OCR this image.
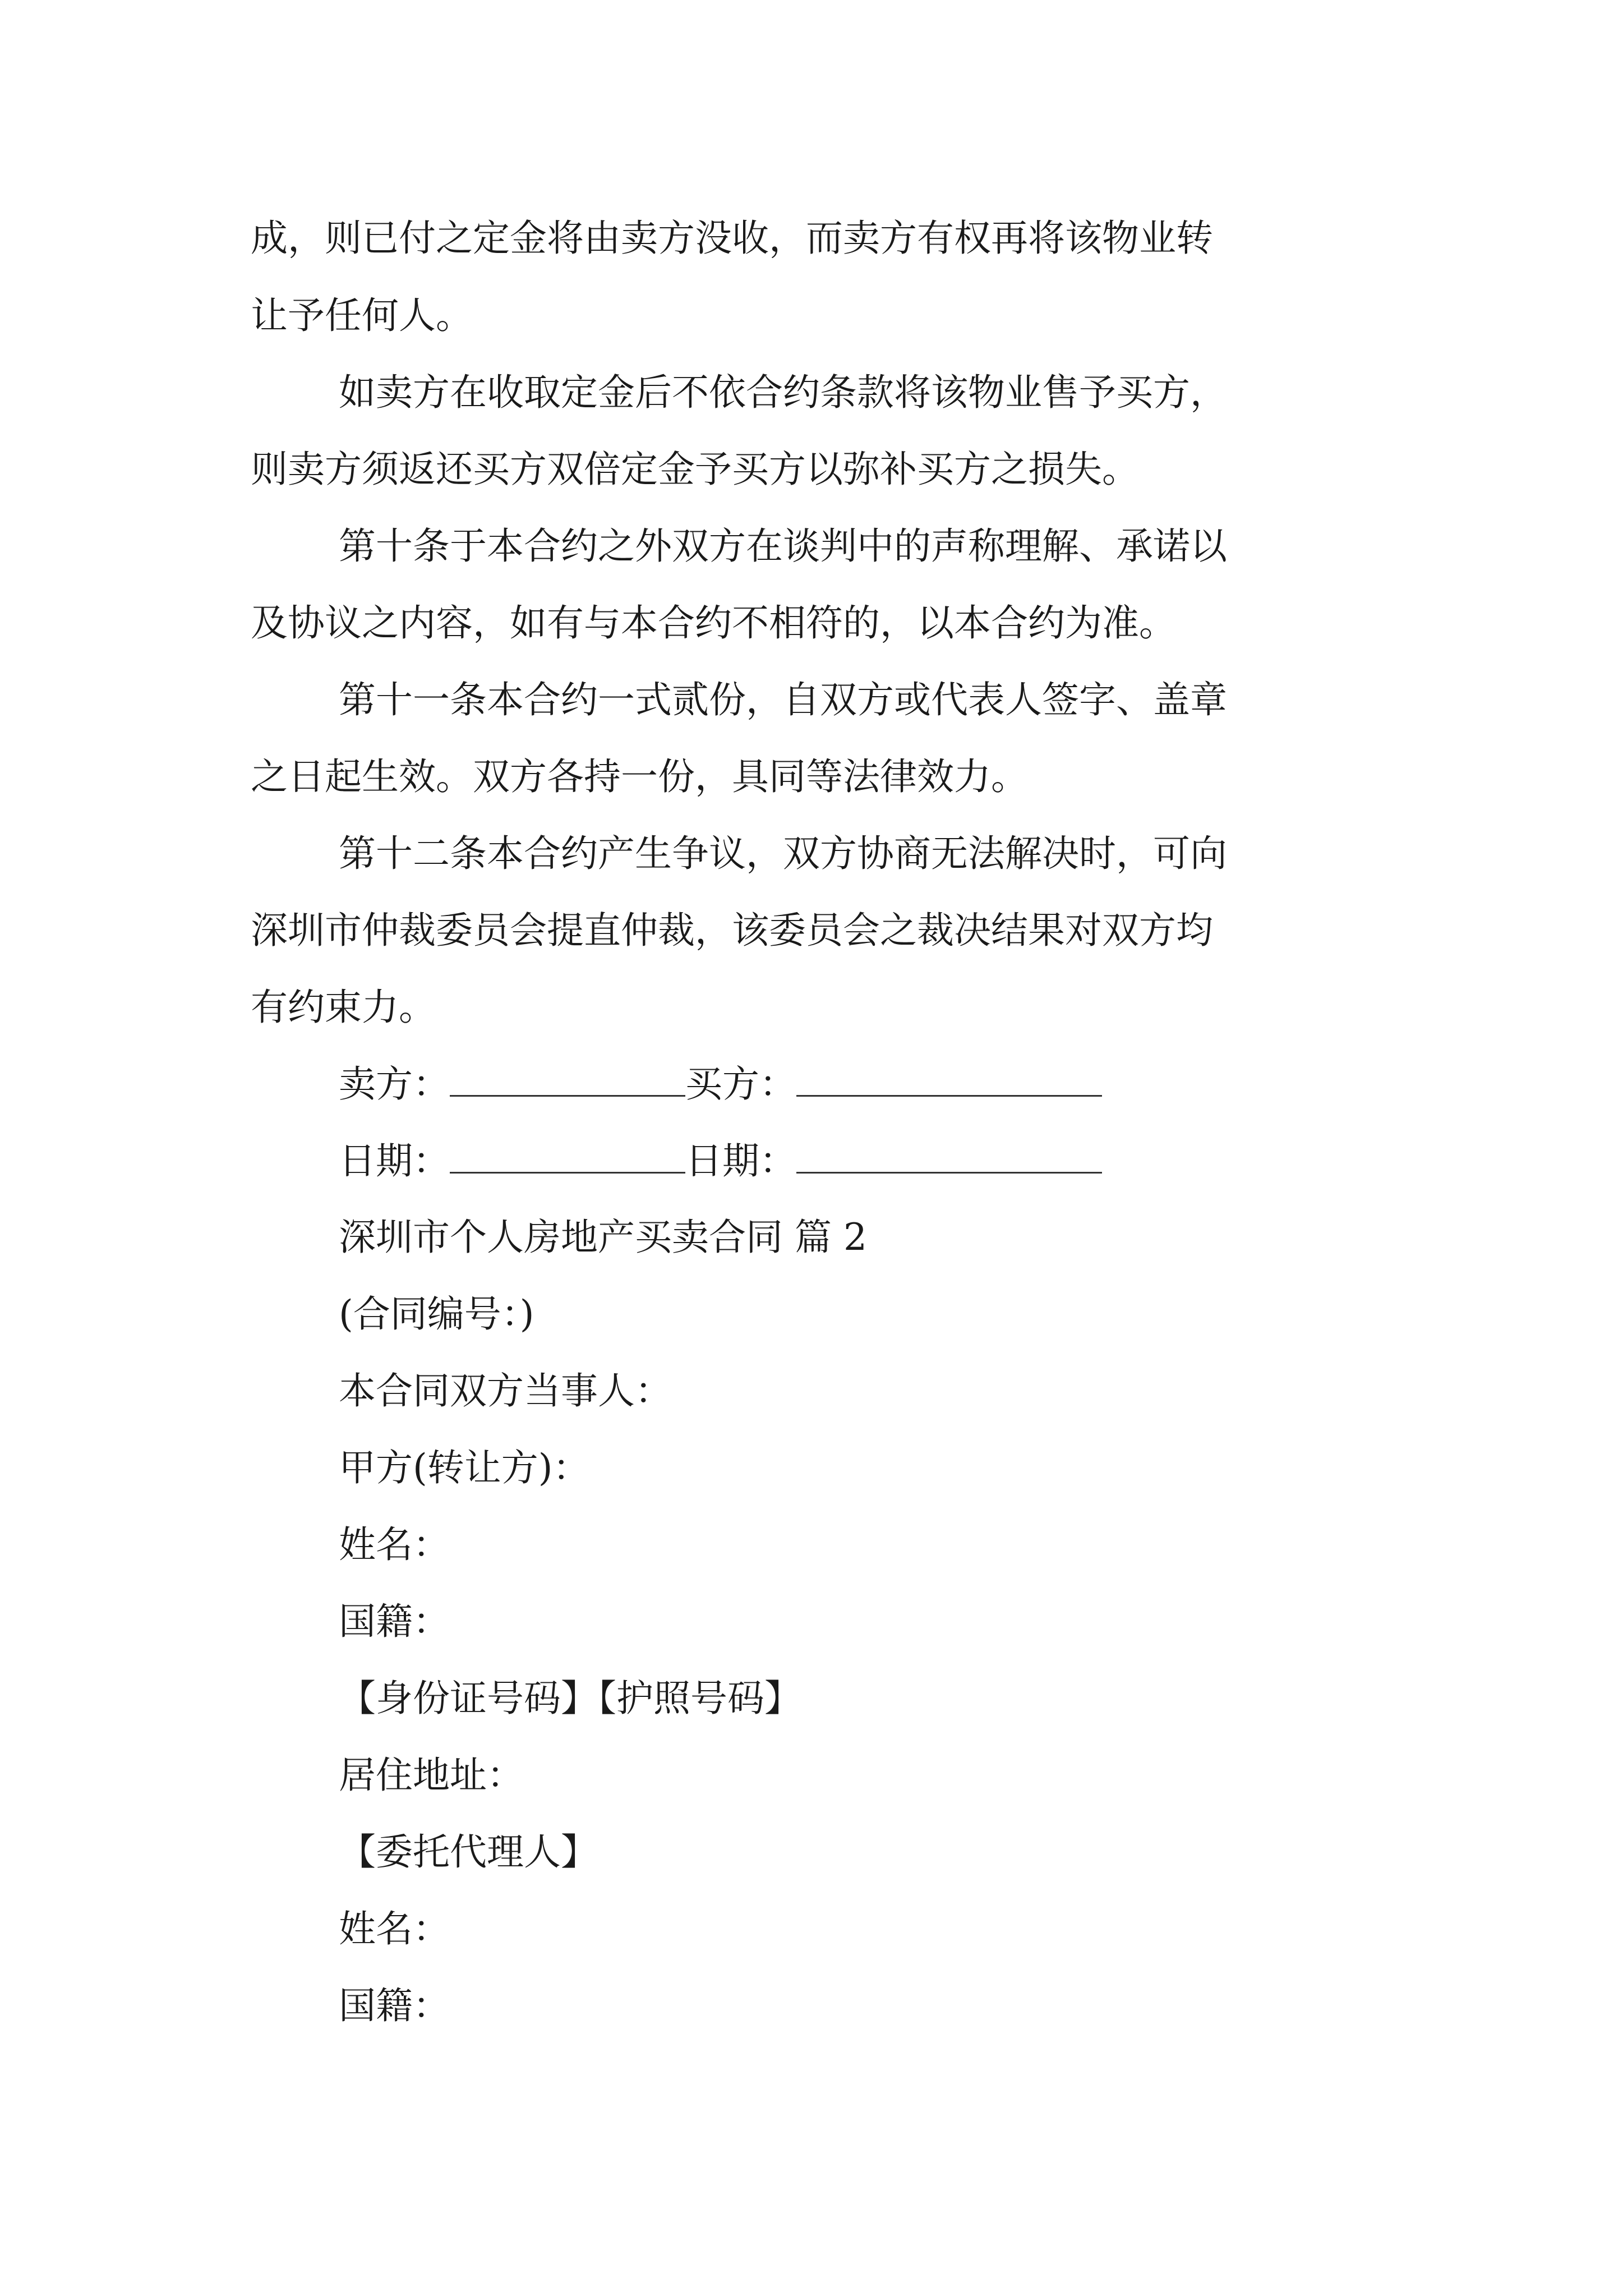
成，则已付之定金将由卖方没收，而卖方有权再将该物业转
让予任何人。
如卖方在收取定金后不依合约条款将该物业售予买方，
则卖方须返还买方双倍定金予买方以弥补买方之损失。
第十条于本合约之外双方在谈判中的声称理解、承诺以
及协议之内容，如有与本合约不相符的，以本合约为准。
第十一条本合约一式贰份，自双方或代表人签字、盖章
之日起生效。双方各持一份，具同等法律效力。
第十二条本合约产生争议，双方协商无法解决时，可向
深圳市仲裁委员会提直仲裁，该委员会之裁决结果对双方均
有约束力。
卖方：	买方：
日期：	日期：
深圳市个人房地产买卖合同 篇 2
(合同编号：)
本合同双方当事人：
甲方(转让方)：
姓名：
国籍：
【身份证号码】【护照号码】
居住地址：
【委托代理人】
姓名：
国籍：
